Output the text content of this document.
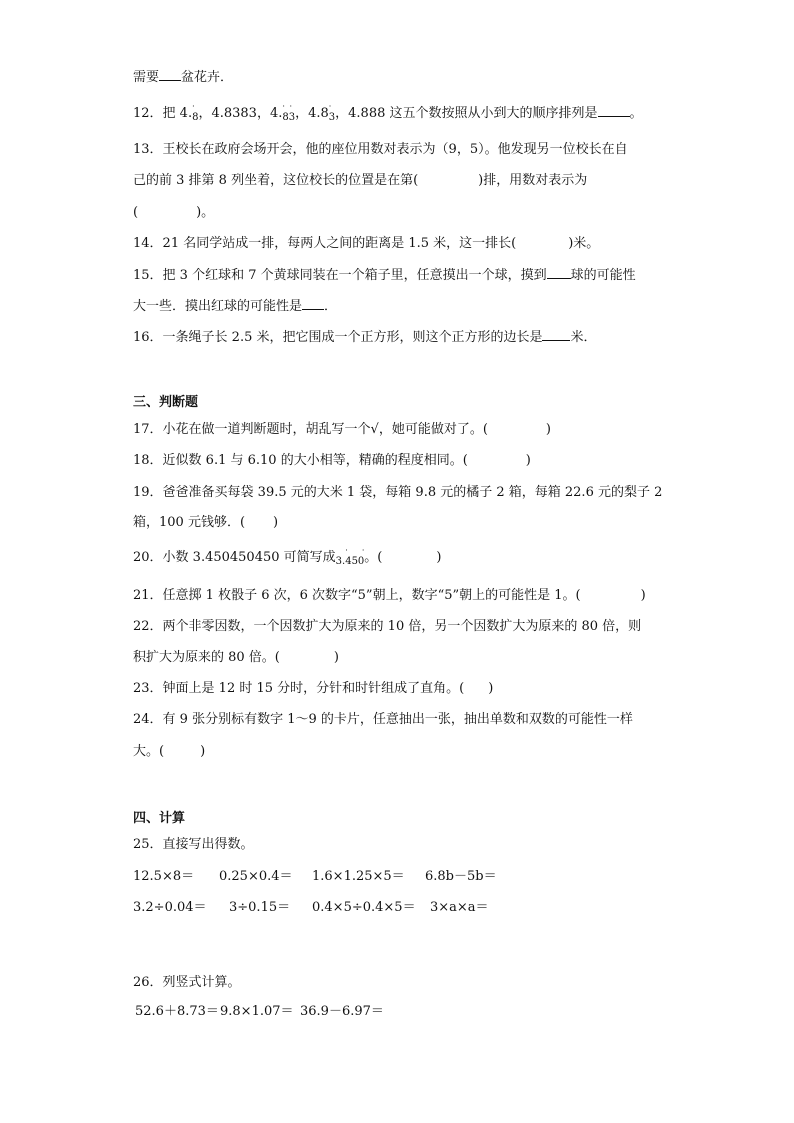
需要 盆花卉．
12．把 4. ·
$_8$，4.8383，4. · ·
$_{83}$，4.8 ·
$_3$，4.888 这五个数按照从小到大的顺序排列是 。
13．王校长在政府会场开会，他的座位用数对表示为（9，5）。他发现另一位校长在自
己的前 3 排第 8 列坐着，这位校长的位置是在第(	)排，用数对表示为
(	)。
14．21 名同学站成一排，每两人之间的距离是 1.5 米，这一排长(	)米。
15．把 3 个红球和 7 个黄球同装在一个箱子里，任意摸出一个球，摸到 球的可能性
大一些．摸出红球的可能性是 ．
16．一条绳子长 2.5 米，把它围成一个正方形，则这个正方形的边长是 米．
三、判断题
17．小花在做一道判断题时，胡乱写一个√，她可能做对了。(	)
18．近似数 6.1 与 6.10 的大小相等，精确的程度相同。(	)
19．爸爸准备买每袋 39.5 元的大米 1 袋，每箱 9.8 元的橘子 2 箱，每箱 22.6 元的梨子 2
箱，100 元钱够．( )
20．小数 3.450450450 可简写成$_{3.}$
·  ·
$_{450}$。(	)
21．任意掷 1 枚骰子 6 次，6 次数字“5”朝上，数字“5”朝上的可能性是 1。(	)
22．两个非零因数，一个因数扩大为原来的 10 倍，另一个因数扩大为原来的 80 倍，则
积扩大为原来的 80 倍。(	)
23．钟面上是 12 时 15 分时，分针和时针组成了直角。( )
24．有 9 张分别标有数字 1～9 的卡片，任意抽出一张，抽出单数和双数的可能性一样
大。(	)
四、计算
25．直接写出得数。
12.5×8＝ 0.25×0.4＝ 1.6×1.25×5＝ 6.8b－5b＝
3.2÷0.04＝ 3÷0.15＝ 0.4×5÷0.4×5＝ 3×a×a＝
26．列竖式计算。
52.6＋8.73＝ 9.8×1.07＝ 36.9－6.97＝
